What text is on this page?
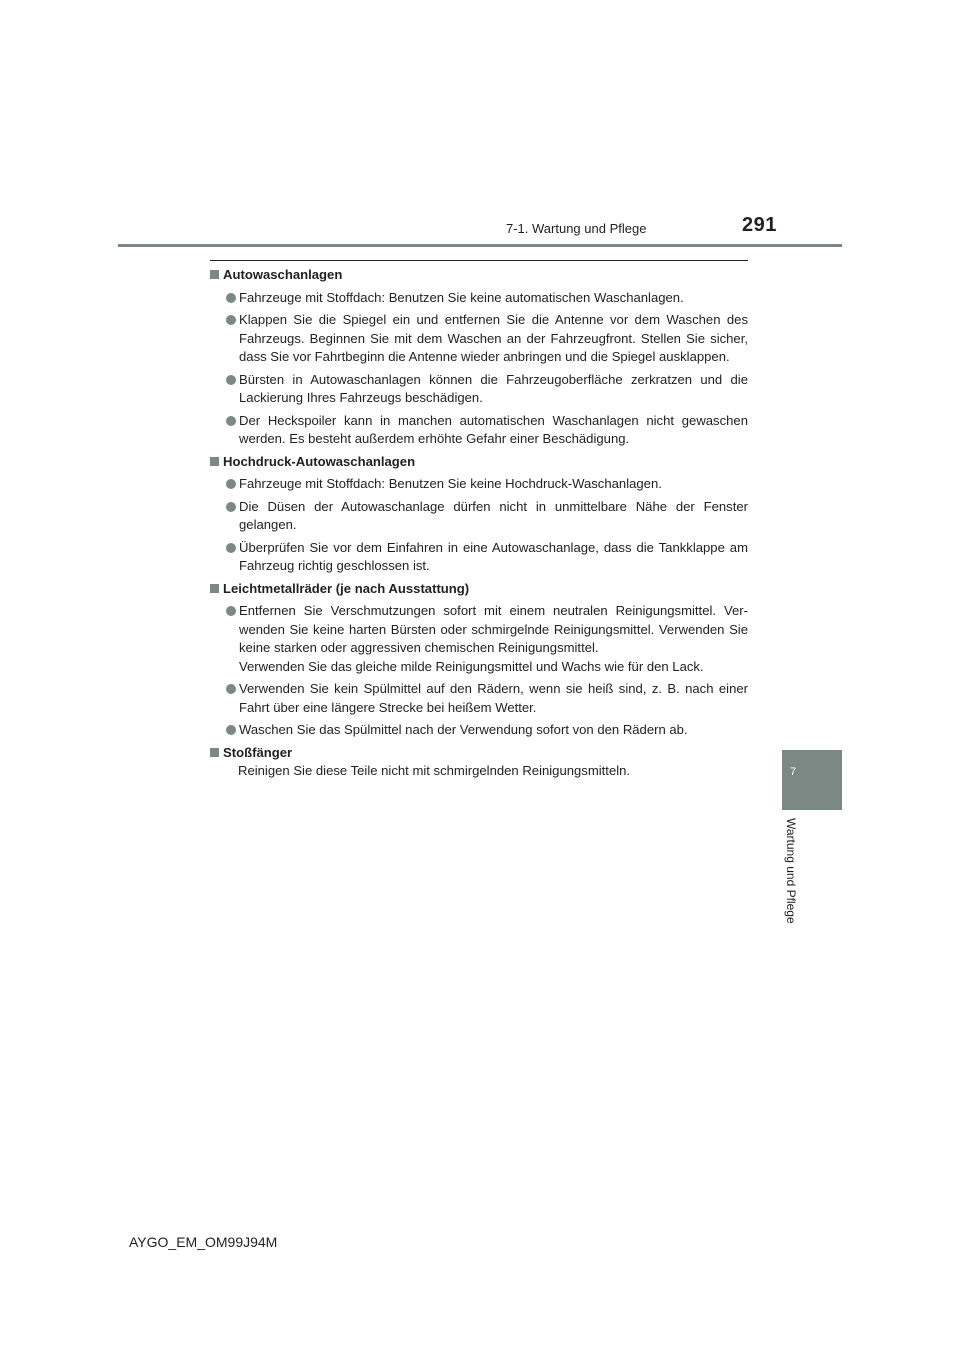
7-1. Wartung und Pflege	291
7
Wartung und Pflege
Autowaschanlagen
Fahrzeuge mit Stoffdach: Benutzen Sie keine automatischen Waschanlagen.
Klappen Sie die Spiegel ein und entfernen Sie die Antenne vor dem Waschen des Fahrzeugs. Beginnen Sie mit dem Waschen an der Fahrzeugfront. Stellen Sie sicher, dass Sie vor Fahrtbeginn die Antenne wieder anbringen und die Spiegel ausklappen.
Bürsten in Autowaschanlagen können die Fahrzeugoberfläche zerkratzen und die Lackierung Ihres Fahrzeugs beschädigen.
Der Heckspoiler kann in manchen automatischen Waschanlagen nicht gewaschen werden. Es besteht außerdem erhöhte Gefahr einer Beschädigung.
Hochdruck-Autowaschanlagen
Fahrzeuge mit Stoffdach: Benutzen Sie keine Hochdruck-Waschanlagen.
Die Düsen der Autowaschanlage dürfen nicht in unmittelbare Nähe der Fenster gelangen.
Überprüfen Sie vor dem Einfahren in eine Autowaschanlage, dass die Tankklappe am Fahrzeug richtig geschlossen ist.
Leichtmetallräder (je nach Ausstattung)
Entfernen Sie Verschmutzungen sofort mit einem neutralen Reinigungsmittel. Ver-wenden Sie keine harten Bürsten oder schmirgelnde Reinigungsmittel. Verwenden Sie keine starken oder aggressiven chemischen Reinigungsmittel.
Verwenden Sie das gleiche milde Reinigungsmittel und Wachs wie für den Lack.
Verwenden Sie kein Spülmittel auf den Rädern, wenn sie heiß sind, z. B. nach einer Fahrt über eine längere Strecke bei heißem Wetter.
Waschen Sie das Spülmittel nach der Verwendung sofort von den Rädern ab.
Stoßfänger
Reinigen Sie diese Teile nicht mit schmirgelnden Reinigungsmitteln.
AYGO_EM_OM99J94M
